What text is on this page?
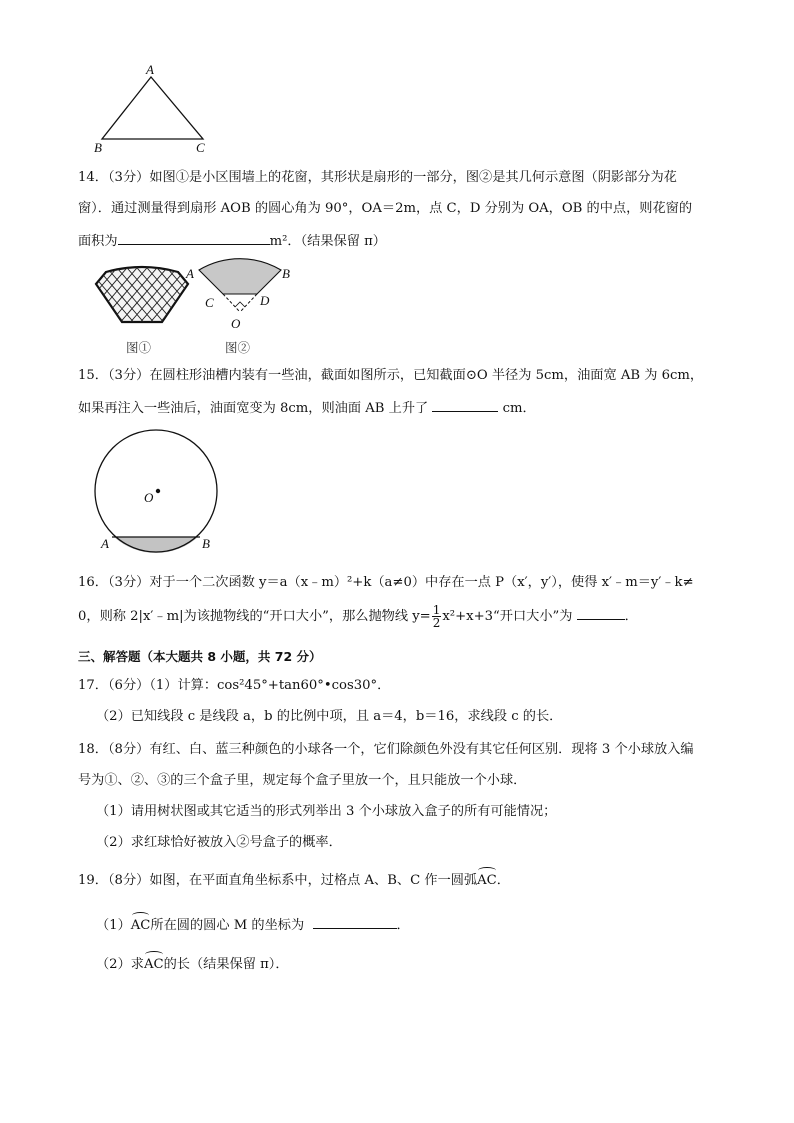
A
B	C
14．（3分）如图①是小区围墙上的花窗，其形状是扇形的一部分，图②是其几何示意图（阴影部分为花
窗）．通过测量得到扇形 AOB 的圆心角为 90°，OA＝2m，点 C，D 分别为 OA，OB 的中点，则花窗的
面积为	m²．（结果保留 π）
A	B
C	D
O
图①	图②
15．（3分）在圆柱形油槽内装有一些油，截面如图所示，已知截面⊙O 半径为 5cm，油面宽 AB 为 6cm，
如果再注入一些油后，油面宽变为 8cm，则油面 AB 上升了	cm．
O
A	B
16．（3分）对于一个二次函数 y＝a（x﹣m）²+k（a≠0）中存在一点 P（x′，y′），使得 x′﹣m＝y′﹣k≠
0，则称 2|x′﹣m|为该抛物线的“开口大小”，那么抛物线 $y= \frac{1}{2}$ x²+x+3“开口大小”为	．
三、解答题（本大题共 8 小题，共 72 分）
17．（6分）（1）计算：cos²45°+tan60°•cos30°．
（2）已知线段 c 是线段 a，b 的比例中项，且 a＝4，b＝16，求线段 c 的长．
18．（8分）有红、白、蓝三种颜色的小球各一个，它们除颜色外没有其它任何区别．现将 3 个小球放入编
号为①、②、③的三个盒子里，规定每个盒子里放一个，且只能放一个小球．
（1）请用树状图或其它适当的形式列举出 3 个小球放入盒子的所有可能情况；
（2）求红球恰好被放入②号盒子的概率．
19．（8分）如图，在平面直角坐标系中，过格点 A、B、C 作一圆弧AC．
（1）AC所在圆的圆心 M 的坐标为	．
（2）求AC的长（结果保留 π）．
